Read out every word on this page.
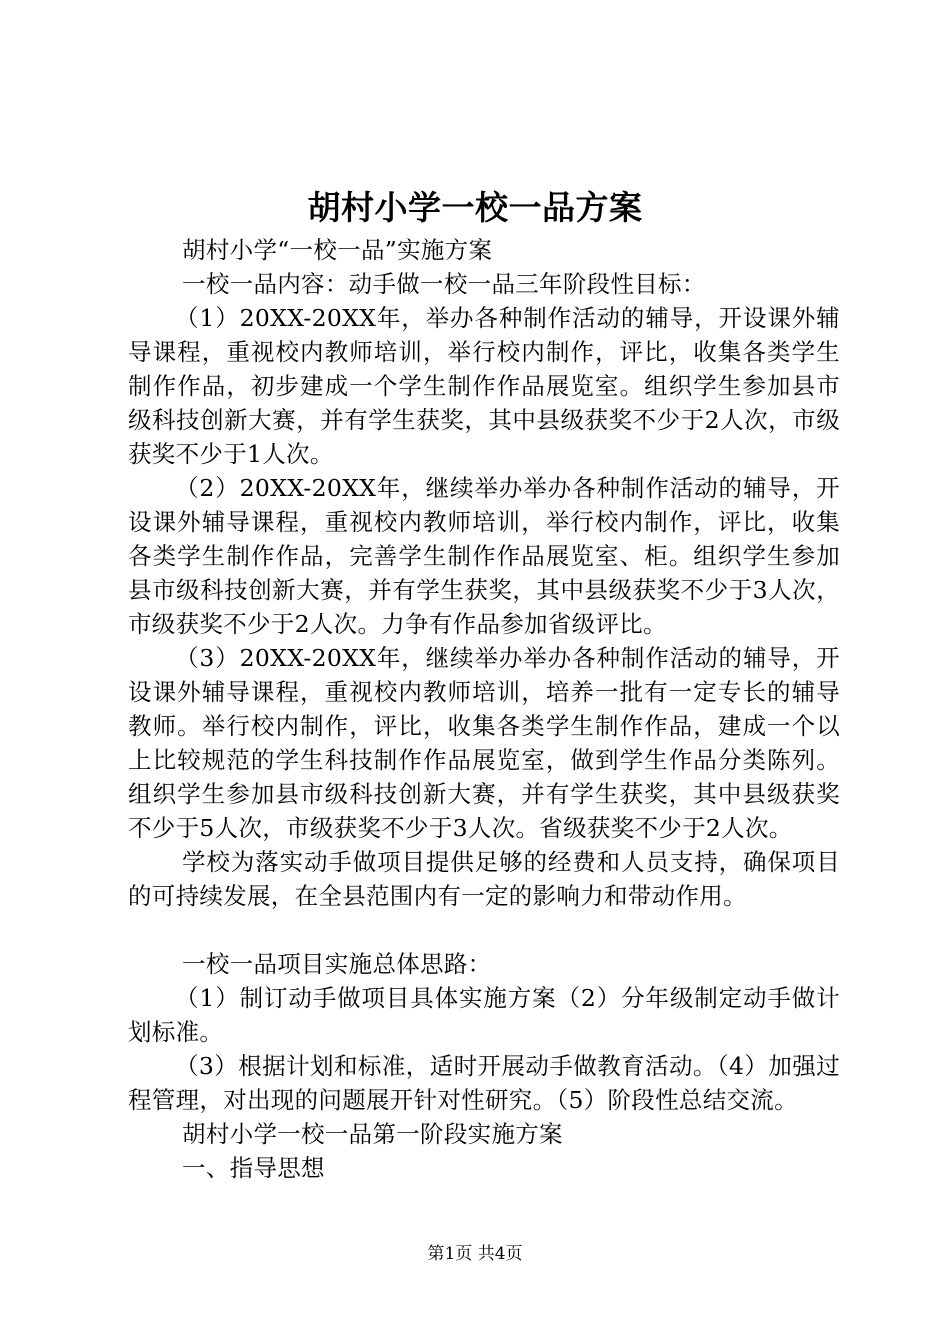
胡村小学一校一品方案

胡村小学“一校一品”实施方案

一校一品内容：动手做一校一品三年阶段性目标：

（1）20XX-20XX年，举办各种制作活动的辅导，开设课外辅导课程，重视校内教师培训，举行校内制作，评比，收集各类学生制作作品，初步建成一个学生制作作品展览室。组织学生参加县市级科技创新大赛，并有学生获奖，其中县级获奖不少于2人次，市级获奖不少于1人次。

（2）20XX-20XX年，继续举办举办各种制作活动的辅导，开设课外辅导课程，重视校内教师培训，举行校内制作，评比，收集各类学生制作作品，完善学生制作作品展览室、柜。组织学生参加县市级科技创新大赛，并有学生获奖，其中县级获奖不少于3人次，市级获奖不少于2人次。力争有作品参加省级评比。

（3）20XX-20XX年，继续举办举办各种制作活动的辅导，开设课外辅导课程，重视校内教师培训，培养一批有一定专长的辅导教师。举行校内制作，评比，收集各类学生制作作品，建成一个以上比较规范的学生科技制作作品展览室，做到学生作品分类陈列。组织学生参加县市级科技创新大赛，并有学生获奖，其中县级获奖不少于5人次，市级获奖不少于3人次。省级获奖不少于2人次。

学校为落实动手做项目提供足够的经费和人员支持，确保项目的可持续发展，在全县范围内有一定的影响力和带动作用。

一校一品项目实施总体思路：

（1）制订动手做项目具体实施方案（2）分年级制定动手做计划标准。

（3）根据计划和标准，适时开展动手做教育活动。（4）加强过程管理，对出现的问题展开针对性研究。（5）阶段性总结交流。

胡村小学一校一品第一阶段实施方案

一、指导思想

第1页 共4页
